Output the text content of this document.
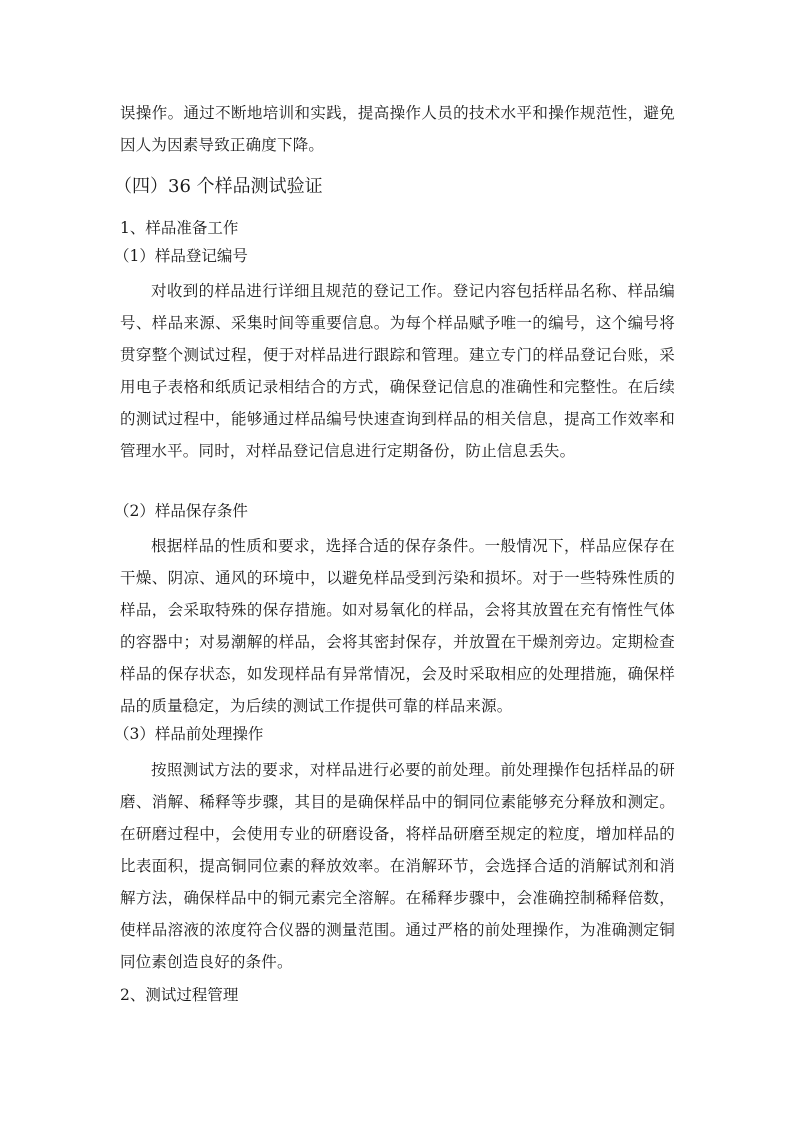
误操作。通过不断地培训和实践，提高操作人员的技术水平和操作规范性，避免因人为因素导致正确度下降。
（四）36 个样品测试验证
1、样品准备工作
（1）样品登记编号
对收到的样品进行详细且规范的登记工作。登记内容包括样品名称、样品编号、样品来源、采集时间等重要信息。为每个样品赋予唯一的编号，这个编号将贯穿整个测试过程，便于对样品进行跟踪和管理。建立专门的样品登记台账，采用电子表格和纸质记录相结合的方式，确保登记信息的准确性和完整性。在后续的测试过程中，能够通过样品编号快速查询到样品的相关信息，提高工作效率和管理水平。同时，对样品登记信息进行定期备份，防止信息丢失。
（2）样品保存条件
根据样品的性质和要求，选择合适的保存条件。一般情况下，样品应保存在干燥、阴凉、通风的环境中，以避免样品受到污染和损坏。对于一些特殊性质的样品，会采取特殊的保存措施。如对易氧化的样品，会将其放置在充有惰性气体的容器中；对易潮解的样品，会将其密封保存，并放置在干燥剂旁边。定期检查样品的保存状态，如发现样品有异常情况，会及时采取相应的处理措施，确保样品的质量稳定，为后续的测试工作提供可靠的样品来源。
（3）样品前处理操作
按照测试方法的要求，对样品进行必要的前处理。前处理操作包括样品的研磨、消解、稀释等步骤，其目的是确保样品中的铜同位素能够充分释放和测定。在研磨过程中，会使用专业的研磨设备，将样品研磨至规定的粒度，增加样品的比表面积，提高铜同位素的释放效率。在消解环节，会选择合适的消解试剂和消解方法，确保样品中的铜元素完全溶解。在稀释步骤中，会准确控制稀释倍数，使样品溶液的浓度符合仪器的测量范围。通过严格的前处理操作，为准确测定铜同位素创造良好的条件。
2、测试过程管理
